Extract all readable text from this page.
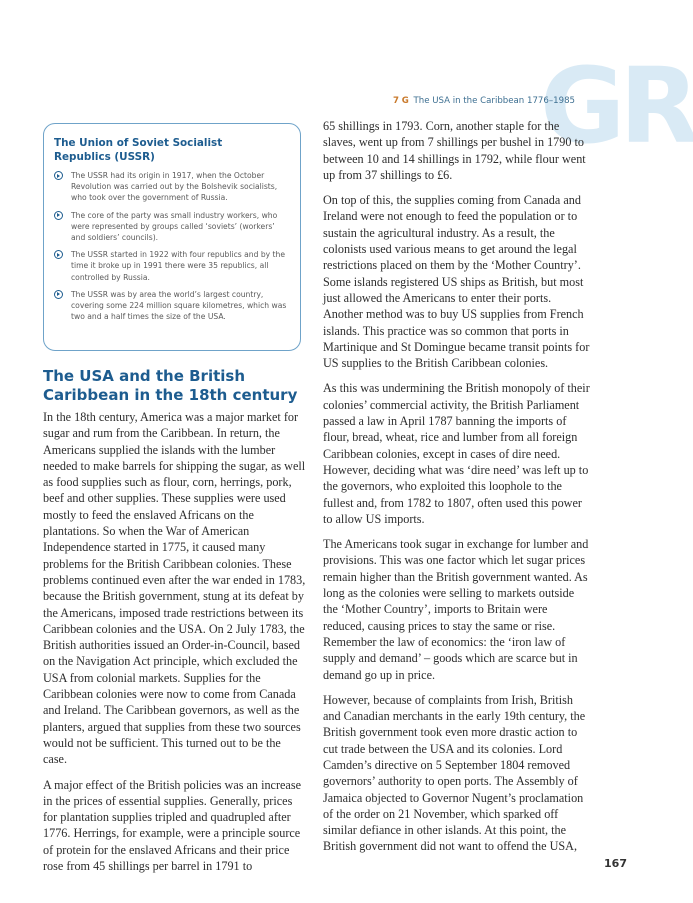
GR
7 G The USA in the Caribbean 1776–1985
The Union of Soviet Socialist Republics (USSR)
The USSR had its origin in 1917, when the October Revolution was carried out by the Bolshevik socialists, who took over the government of Russia.
The core of the party was small industry workers, who were represented by groups called ‘soviets’ (workers’ and soldiers’ councils).
The USSR started in 1922 with four republics and by the time it broke up in 1991 there were 35 republics, all controlled by Russia.
The USSR was by area the world’s largest country, covering some 224 million square kilometres, which was two and a half times the size of the USA.
The USA and the British Caribbean in the 18th century

In the 18th century, America was a major market for sugar and rum from the Caribbean. In return, the Americans supplied the islands with the lumber needed to make barrels for shipping the sugar, as well as food supplies such as flour, corn, herrings, pork, beef and other supplies. These supplies were used mostly to feed the enslaved Africans on the plantations. So when the War of American Independence started in 1775, it caused many problems for the British Caribbean colonies. These problems continued even after the war ended in 1783, because the British government, stung at its defeat by the Americans, imposed trade restrictions between its Caribbean colonies and the USA. On 2 July 1783, the British authorities issued an Order-in-Council, based on the Navigation Act principle, which excluded the USA from colonial markets. Supplies for the Caribbean colonies were now to come from Canada and Ireland. The Caribbean governors, as well as the planters, argued that supplies from these two sources would not be sufficient. This turned out to be the case.

A major effect of the British policies was an increase in the prices of essential supplies. Generally, prices for plantation supplies tripled and quadrupled after 1776. Herrings, for example, were a principle source of protein for the enslaved Africans and their price rose from 45 shillings per barrel in 1791 to

65 shillings in 1793. Corn, another staple for the slaves, went up from 7 shillings per bushel in 1790 to between 10 and 14 shillings in 1792, while flour went up from 37 shillings to £6.

On top of this, the supplies coming from Canada and Ireland were not enough to feed the population or to sustain the agricultural industry. As a result, the colonists used various means to get around the legal restrictions placed on them by the ‘Mother Country’. Some islands registered US ships as British, but most just allowed the Americans to enter their ports. Another method was to buy US supplies from French islands. This practice was so common that ports in Martinique and St Domingue became transit points for US supplies to the British Caribbean colonies.

As this was undermining the British monopoly of their colonies’ commercial activity, the British Parliament passed a law in April 1787 banning the imports of flour, bread, wheat, rice and lumber from all foreign Caribbean colonies, except in cases of dire need. However, deciding what was ‘dire need’ was left up to the governors, who exploited this loophole to the fullest and, from 1782 to 1807, often used this power to allow US imports.

The Americans took sugar in exchange for lumber and provisions. This was one factor which let sugar prices remain higher than the British government wanted. As long as the colonies were selling to markets outside the ‘Mother Country’, imports to Britain were reduced, causing prices to stay the same or rise. Remember the law of economics: the ‘iron law of supply and demand’ – goods which are scarce but in demand go up in price.

However, because of complaints from Irish, British and Canadian merchants in the early 19th century, the British government took even more drastic action to cut trade between the USA and its colonies. Lord Camden’s directive on 5 September 1804 removed governors’ authority to open ports. The Assembly of Jamaica objected to Governor Nugent’s proclamation of the order on 21 November, which sparked off similar defiance in other islands. At this point, the British government did not want to offend the USA,

167
